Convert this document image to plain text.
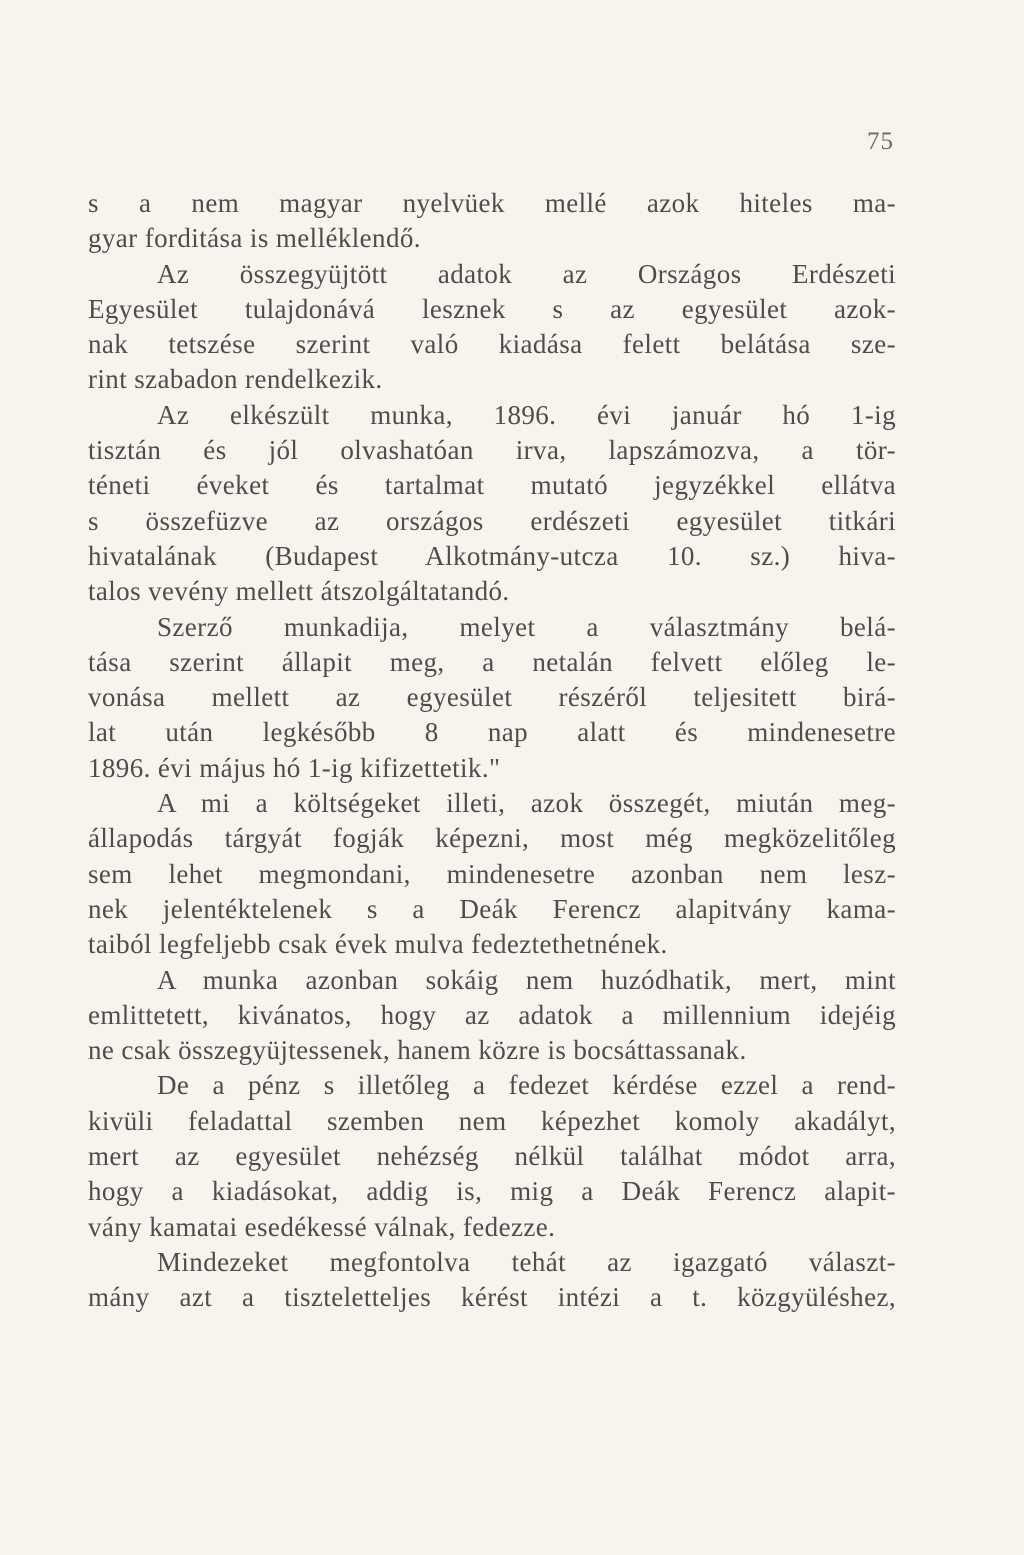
75
s a nem magyar nyelvüek mellé azok hiteles ma-
gyar forditása is melléklendő.
Az összegyüjtött adatok az Országos Erdészeti
Egyesület tulajdonává lesznek s az egyesület azok-
nak tetszése szerint való kiadása felett belátása sze-
rint szabadon rendelkezik.
Az elkészült munka, 1896. évi január hó 1-ig
tisztán és jól olvashatóan irva, lapszámozva, a tör-
téneti éveket és tartalmat mutató jegyzékkel ellátva
s összefüzve az országos erdészeti egyesület titkári
hivatalának (Budapest Alkotmány-utcza 10. sz.) hiva-
talos vevény mellett átszolgáltatandó.
Szerző munkadija, melyet a választmány belá-
tása szerint állapit meg, a netalán felvett előleg le-
vonása mellett az egyesület részéről teljesitett birá-
lat után legkésőbb 8 nap alatt és mindenesetre
1896. évi május hó 1-ig kifizettetik."
A mi a költségeket illeti, azok összegét, miután meg-
állapodás tárgyát fogják képezni, most még megközelitőleg
sem lehet megmondani, mindenesetre azonban nem lesz-
nek jelentéktelenek s a Deák Ferencz alapitvány kama-
taiból legfeljebb csak évek mulva fedeztethetnének.
A munka azonban sokáig nem huzódhatik, mert, mint
emlittetett, kivánatos, hogy az adatok a millennium idejéig
ne csak összegyüjtessenek, hanem közre is bocsáttassanak.
De a pénz s illetőleg a fedezet kérdése ezzel a rend-
kivüli feladattal szemben nem képezhet komoly akadályt,
mert az egyesület nehézség nélkül találhat módot arra,
hogy a kiadásokat, addig is, mig a Deák Ferencz alapit-
vány kamatai esedékessé válnak, fedezze.
Mindezeket megfontolva tehát az igazgató választ-
mány azt a tiszteletteljes kérést intézi a t. közgyüléshez,
